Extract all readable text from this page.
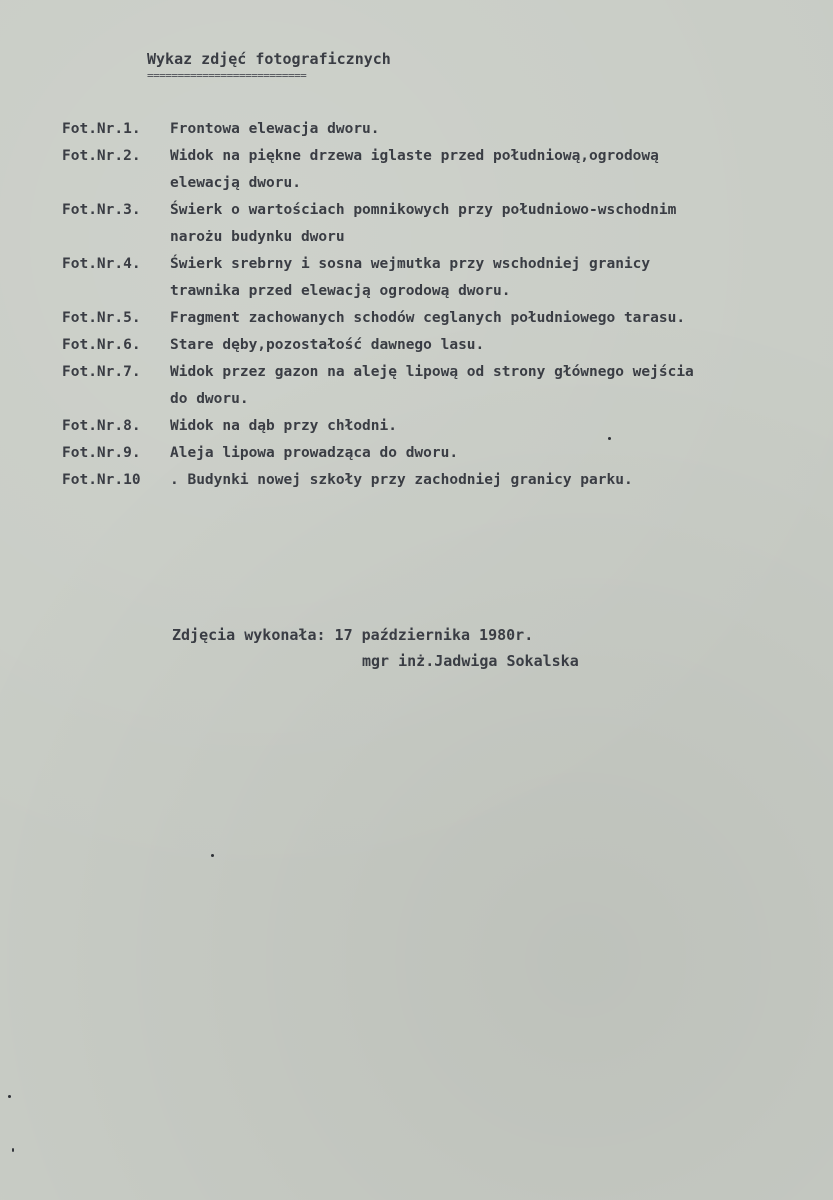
Wykaz zdjęć fotograficznych
==========================
Fot.Nr.1. Frontowa elewacja dworu.
Fot.Nr.2. Widok na piękne drzewa iglaste przed południową,ogrodową
elewacją dworu.
Fot.Nr.3. Świerk o wartościach pomnikowych przy południowo-wschodnim
narożu budynku dworu
Fot.Nr.4. Świerk srebrny i sosna wejmutka przy wschodniej granicy
trawnika przed elewacją ogrodową dworu.
Fot.Nr.5. Fragment zachowanych schodów ceglanych południowego tarasu.
Fot.Nr.6. Stare dęby,pozostałość dawnego lasu.
Fot.Nr.7. Widok przez gazon na aleję lipową od strony głównego wejścia
do dworu.
Fot.Nr.8. Widok na dąb przy chłodni.
Fot.Nr.9. Aleja lipowa prowadząca do dworu.
Fot.Nr.10 . Budynki nowej szkoły przy zachodniej granicy parku.
Zdjęcia wykonała: 17 października 1980r.
mgr inż.Jadwiga Sokalska
